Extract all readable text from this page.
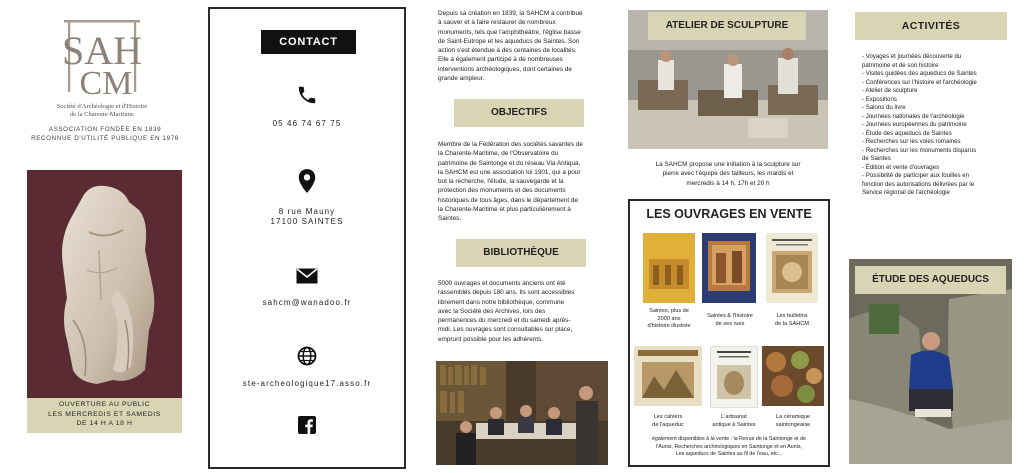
SAH
CM
Société d'Archéologie et d'Histoire
de la Charente-Maritime
ASSOCIATION FONDÉE EN 1839
RECONNUE D'UTILITÉ PUBLIQUE EN 1976
OUVERTURE AU PUBLIC
LES MERCREDIS ET SAMEDIS
DE 14 H A 18 H
CONTACT
05 46 74 67 75
8 rue Mauny
17100 SAINTES
sahcm@wanadoo.fr
ste-archeologique17.asso.fr
Depuis sa création en 1839, la SAHCM a contribué
à sauver et à faire restaurer de nombreux
monuments, tels que l'amphithéâtre, l'église basse
de Saint-Eutrope et les aqueducs de Saintes. Son
action s'est étendue à des centaines de localités.
Elle a également participé à de nombreuses
interventions archéologiques, dont certaines de
grande ampleur.
OBJECTIFS
Membre de la Fédération des sociétés savantes de
la Charente-Maritime, de l'Observatoire du
patrimoine de Saintonge et du réseau Via Antiqua,
la SAHCM est une association loi 1901, qui a pour
but la recherche, l'étude, la sauvegarde et la
protection des monuments et des documents
historiques de tous âges, dans le département de
la Charente-Maritime et plus particulièrement à
Saintes.
BIBLIOTHÈQUE
5000 ouvrages et documents anciens ont été
rassemblés depuis 180 ans. Ils sont accessibles
librement dans notre bibliothèque, commune
avec la Société des Archives, lors des
permanences du mercredi et du samedi après-
midi. Les ouvrages sont consultables sur place,
emprunt possible pour les adhérents.
ATELIER DE SCULPTURE
La SAHCM propose une initiation à la sculpture sur
pierre avec l'équipe des tailleurs, les mardis et
mercredis à 14 h, 17h et 20 h
LES OUVRAGES EN VENTE
Saintes, plus de
2000 ans
d'histoire illustrée
Saintes & l'histoire
de ses rues
Les bulletins
de la SAHCM
Les cahiers
de l'aqueduc
L'artisanat
antique à Saintes
La céramique
saintongeaise
également disponibles à la vente : la Revue de la Saintonge et de
l'Aunis, Recherches archéologiques en Saintonge et en Aunis,
Les aqueducs de Saintes au fil de l'eau, etc...
ACTIVITÉS
- Voyages et journées découverte du
patrimoine et de son histoire
- Visites guidées des aqueducs de Saintes
- Conférences sur l'histoire et l'archéologie
- Atelier de sculpture
- Expositions
- Salons du livre
- Journées nationales de l'archéologie
- Journées européennes du patrimoine
- Étude des aqueducs de Saintes
- Recherches sur les voies romaines
- Recherches sur les monuments disparus
de Saintes
- Édition et vente d'ouvrages
- Possibilité de participer aux fouilles en
fonction des autorisations délivrées par le
Service régional de l'archéologie
ÉTUDE DES AQUEDUCS
